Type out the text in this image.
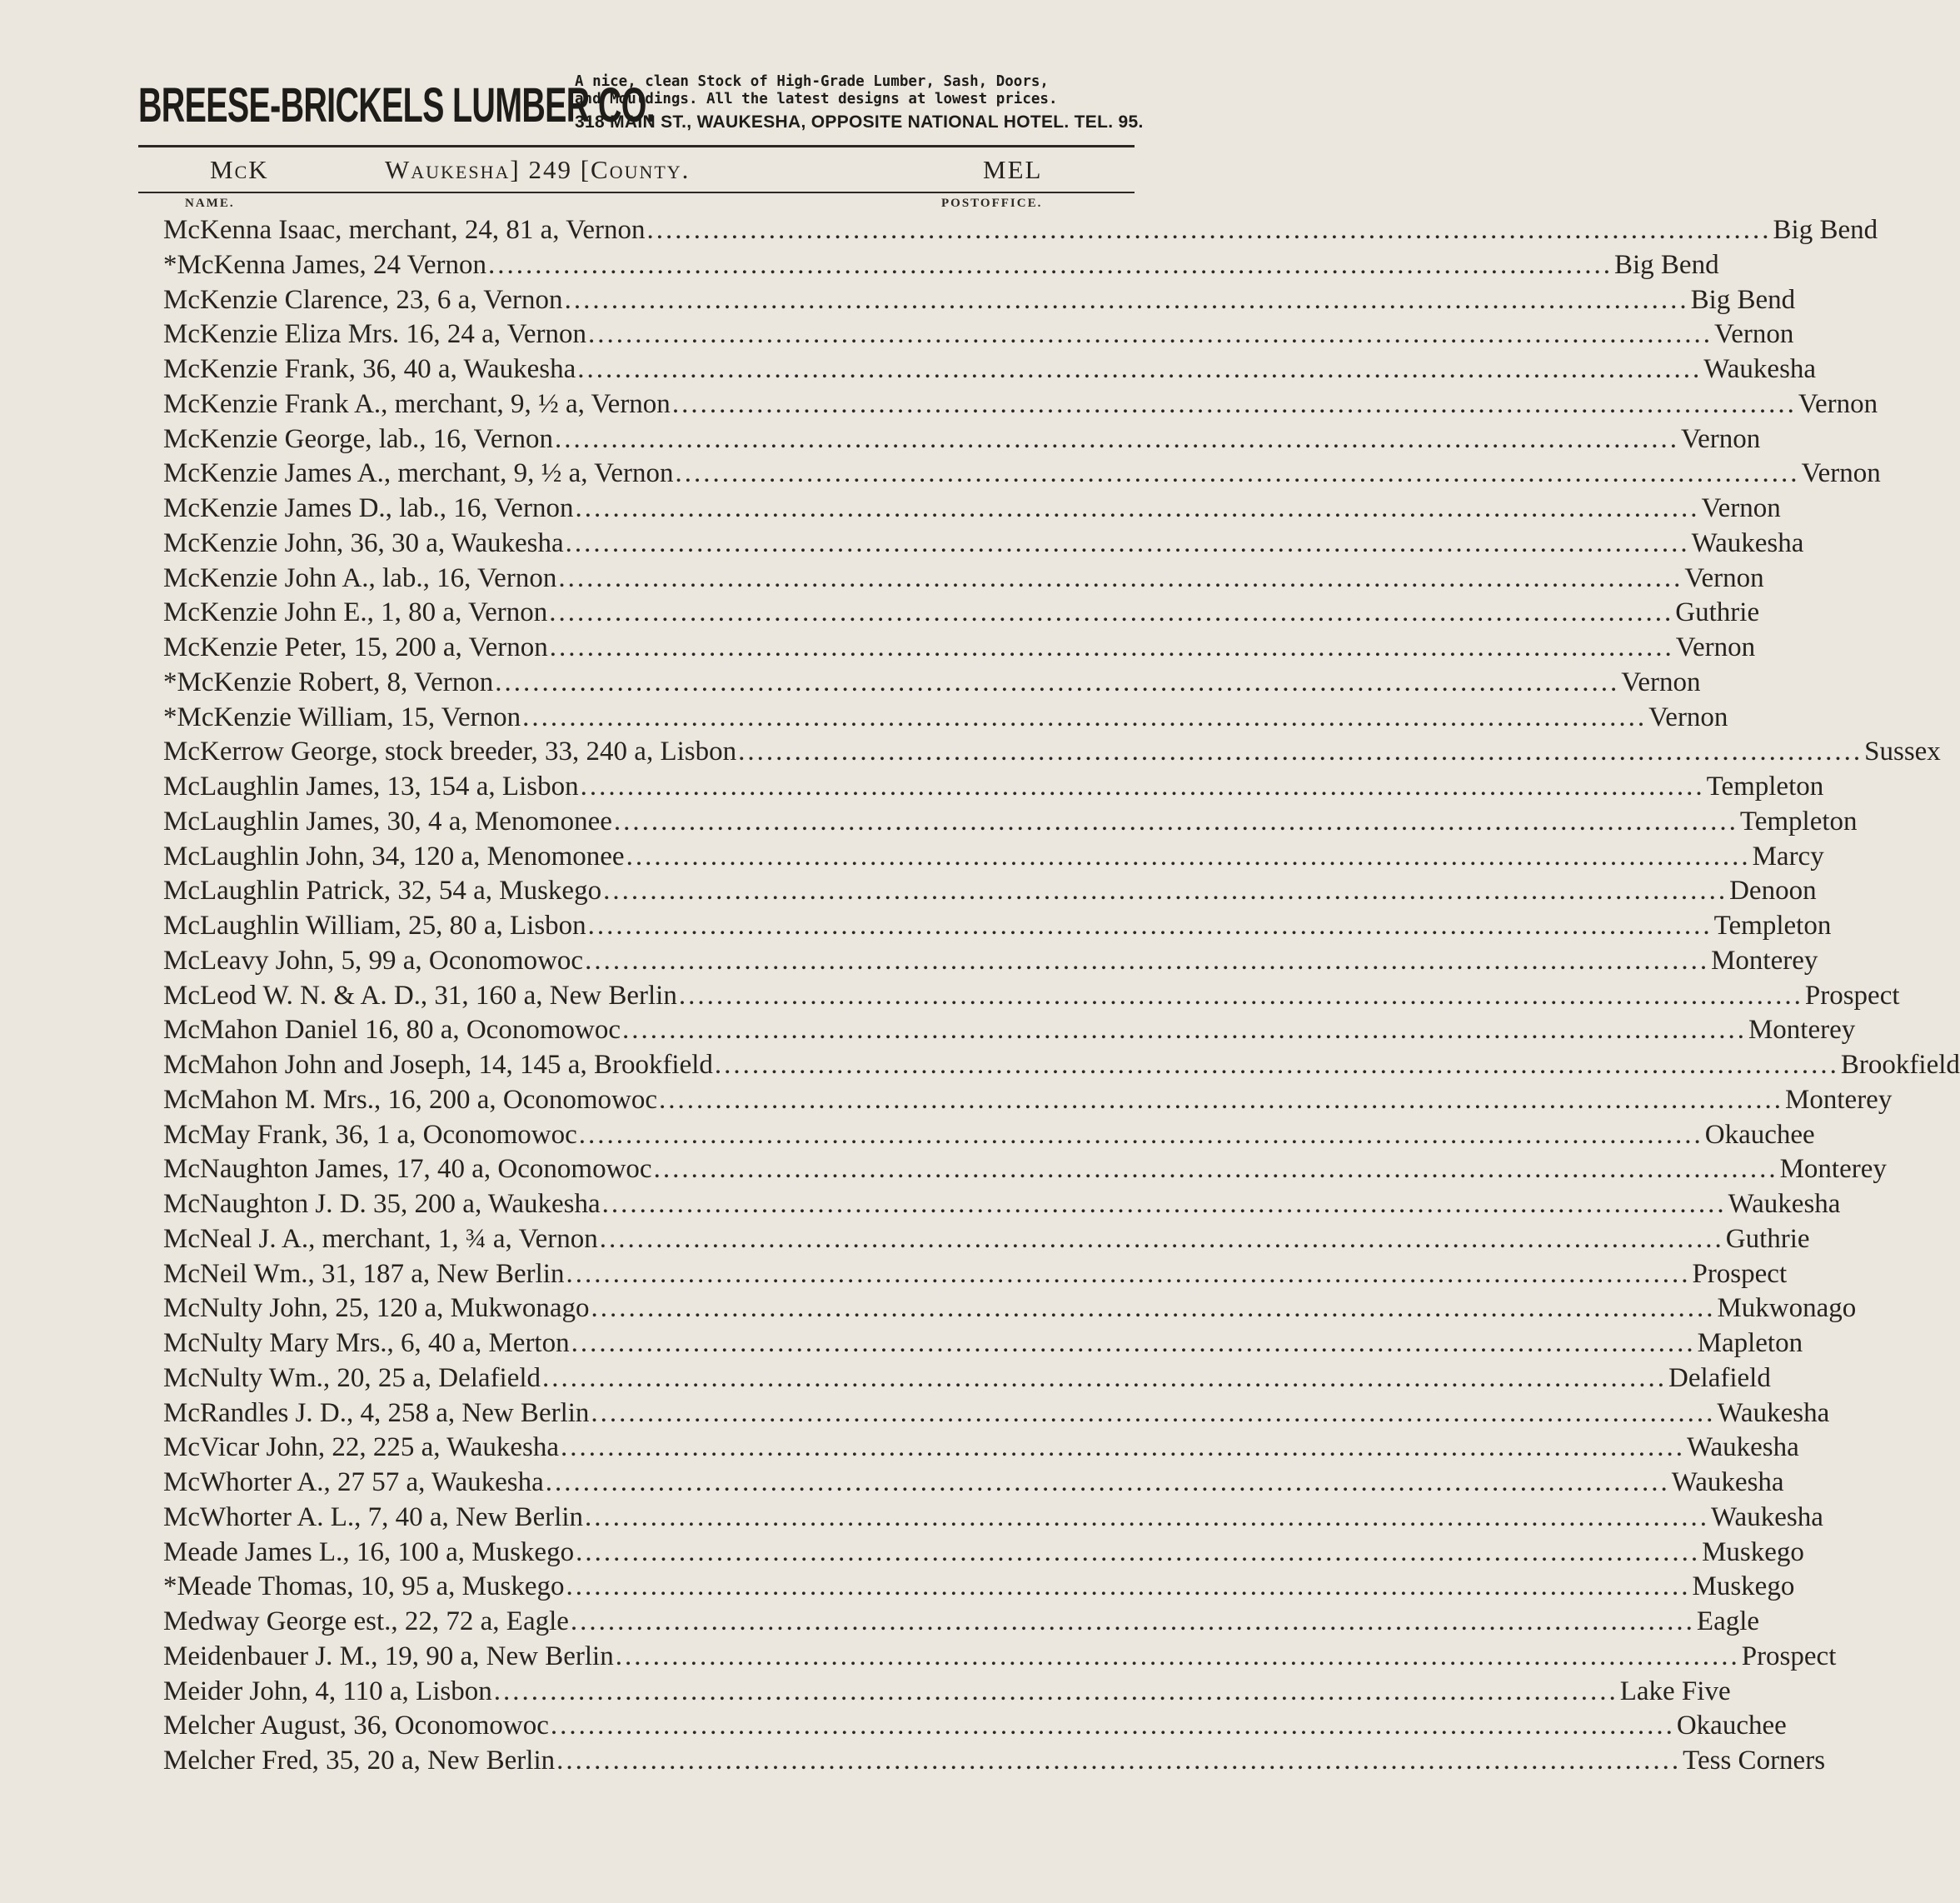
BREESE-BRICKELS LUMBER CO.
A nice, clean Stock of High-Grade Lumber, Sash, Doors,
and Mouldings. All the latest designs at lowest prices.
318 MAIN ST., WAUKESHA, OPPOSITE NATIONAL HOTEL. TEL. 95.
McK	Waukesha] 249 [County.	MEL
NAME.	POSTOFFICE.
McKenna Isaac, merchant, 24, 81 a, Vernon ........................................................................................................................ Big Bend
*McKenna James, 24 Vernon ........................................................................................................................ Big Bend
McKenzie Clarence, 23, 6 a, Vernon ........................................................................................................................ Big Bend
McKenzie Eliza Mrs. 16, 24 a, Vernon ........................................................................................................................ Vernon
McKenzie Frank, 36, 40 a, Waukesha ........................................................................................................................ Waukesha
McKenzie Frank A., merchant, 9, ½ a, Vernon ........................................................................................................................ Vernon
McKenzie George, lab., 16, Vernon ........................................................................................................................ Vernon
McKenzie James A., merchant, 9, ½ a, Vernon ........................................................................................................................ Vernon
McKenzie James D., lab., 16, Vernon ........................................................................................................................ Vernon
McKenzie John, 36, 30 a, Waukesha ........................................................................................................................ Waukesha
McKenzie John A., lab., 16, Vernon ........................................................................................................................ Vernon
McKenzie John E., 1, 80 a, Vernon ........................................................................................................................ Guthrie
McKenzie Peter, 15, 200 a, Vernon ........................................................................................................................ Vernon
*McKenzie Robert, 8, Vernon ........................................................................................................................ Vernon
*McKenzie William, 15, Vernon ........................................................................................................................ Vernon
McKerrow George, stock breeder, 33, 240 a, Lisbon ........................................................................................................................ Sussex
McLaughlin James, 13, 154 a, Lisbon ........................................................................................................................ Templeton
McLaughlin James, 30, 4 a, Menomonee ........................................................................................................................ Templeton
McLaughlin John, 34, 120 a, Menomonee ........................................................................................................................ Marcy
McLaughlin Patrick, 32, 54 a, Muskego ........................................................................................................................ Denoon
McLaughlin William, 25, 80 a, Lisbon ........................................................................................................................ Templeton
McLeavy John, 5, 99 a, Oconomowoc ........................................................................................................................ Monterey
McLeod W. N. & A. D., 31, 160 a, New Berlin ........................................................................................................................ Prospect
McMahon Daniel 16, 80 a, Oconomowoc ........................................................................................................................ Monterey
McMahon John and Joseph, 14, 145 a, Brookfield ........................................................................................................................ Brookfield
McMahon M. Mrs., 16, 200 a, Oconomowoc ........................................................................................................................ Monterey
McMay Frank, 36, 1 a, Oconomowoc ........................................................................................................................ Okauchee
McNaughton James, 17, 40 a, Oconomowoc ........................................................................................................................ Monterey
McNaughton J. D. 35, 200 a, Waukesha ........................................................................................................................ Waukesha
McNeal J. A., merchant, 1, ¾ a, Vernon ........................................................................................................................ Guthrie
McNeil Wm., 31, 187 a, New Berlin ........................................................................................................................ Prospect
McNulty John, 25, 120 a, Mukwonago ........................................................................................................................ Mukwonago
McNulty Mary Mrs., 6, 40 a, Merton ........................................................................................................................ Mapleton
McNulty Wm., 20, 25 a, Delafield ........................................................................................................................ Delafield
McRandles J. D., 4, 258 a, New Berlin ........................................................................................................................ Waukesha
McVicar John, 22, 225 a, Waukesha ........................................................................................................................ Waukesha
McWhorter A., 27 57 a, Waukesha ........................................................................................................................ Waukesha
McWhorter A. L., 7, 40 a, New Berlin ........................................................................................................................ Waukesha
Meade James L., 16, 100 a, Muskego ........................................................................................................................ Muskego
*Meade Thomas, 10, 95 a, Muskego ........................................................................................................................ Muskego
Medway George est., 22, 72 a, Eagle ........................................................................................................................ Eagle
Meidenbauer J. M., 19, 90 a, New Berlin ........................................................................................................................ Prospect
Meider John, 4, 110 a, Lisbon ........................................................................................................................ Lake Five
Melcher August, 36, Oconomowoc ........................................................................................................................ Okauchee
Melcher Fred, 35, 20 a, New Berlin ........................................................................................................................ Tess Corners
